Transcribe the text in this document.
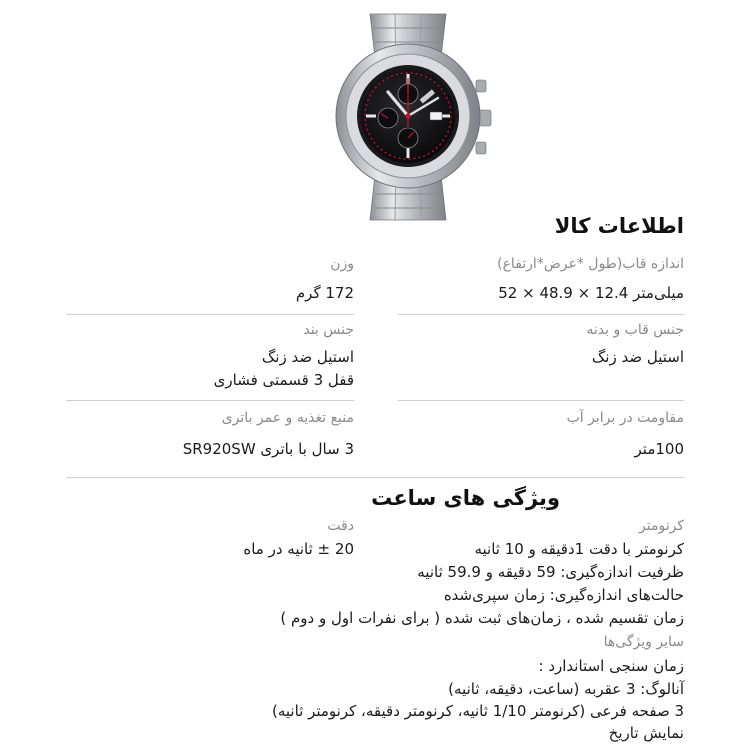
اطلاعات کالا
اندازه قاب(طول *عرض*ارتفاع)
52 × 48.9 × 12.4 میلی‌متر
وزن
172 گرم
جنس قاب و بدنه
استیل ضد زنگ
جنس بند
استیل ضد زنگ
قفل 3 قسمتی فشاری
مقاومت در برابر آب
100متر
منبع تغذیه و عمر باتری
3 سال با باتری SR920SW
ویژگی های ساعت
کرنومتر
کرنومتر با دقت 1دقیقه و 10 ثانیه
ظرفیت اندازه‌گیری: 59 دقیقه و 59.9 ثانیه
حالت‌های اندازه‌گیری: زمان سپری‌شده
زمان تقسیم شده ، زمان‌های ثبت شده ( برای نفرات اول و دوم )
دقت
20 ± ثانیه در ماه
سایر ویژگی‌ها
زمان سنجی استاندارد :
آنالوگ: 3 عقربه (ساعت، دقیقه، ثانیه)
3 صفحه فرعی (کرنومتر 1/10 ثانیه، کرنومتر دقیقه، کرنومتر ثانیه)
نمایش تاریخ
